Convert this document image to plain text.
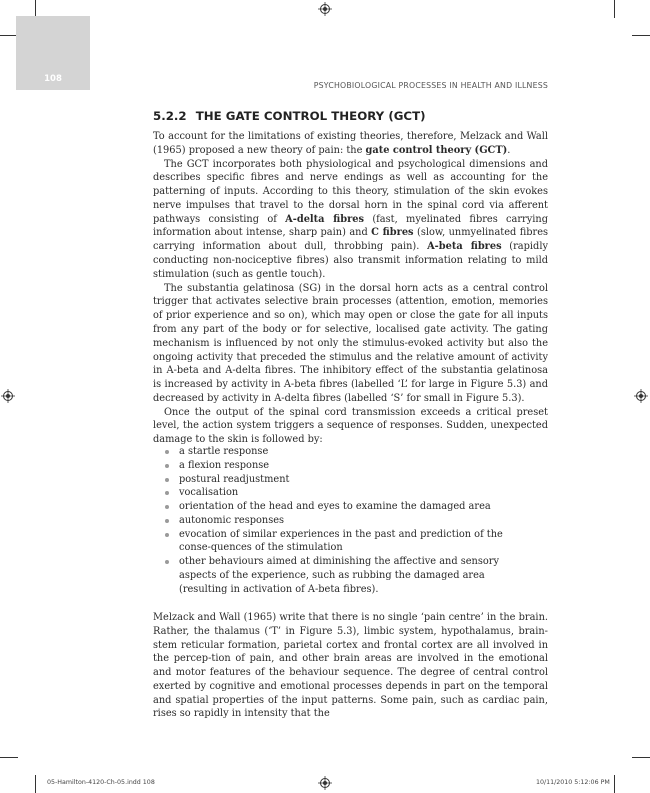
108
PSYCHOBIOLOGICAL PROCESSES IN HEALTH AND ILLNESS
5.2.2 THE GATE CONTROL THEORY (GCT)

To account for the limitations of existing theories, therefore, Melzack and Wall (1965) proposed a new theory of pain: the gate control theory (GCT).

The GCT incorporates both physiological and psychological dimensions and describes specific fibres and nerve endings as well as accounting for the patterning of inputs. According to this theory, stimulation of the skin evokes nerve impulses that travel to the dorsal horn in the spinal cord via afferent pathways consisting of A-delta fibres (fast, myelinated fibres carrying information about intense, sharp pain) and C fibres (slow, unmyelinated fibres carrying information about dull, throbbing pain). A-beta fibres (rapidly conducting non-nociceptive fibres) also transmit information relating to mild stimulation (such as gentle touch).

The substantia gelatinosa (SG) in the dorsal horn acts as a central control trigger that activates selective brain processes (attention, emotion, memories of prior experience and so on), which may open or close the gate for all inputs from any part of the body or for selective, localised gate activity. The gating mechanism is influenced by not only the stimulus-evoked activity but also the ongoing activity that preceded the stimulus and the relative amount of activity in A-beta and A-delta fibres. The inhibitory effect of the substantia gelatinosa is increased by activity in A-beta fibres (labelled ‘L’ for large in Figure 5.3) and decreased by activity in A-delta fibres (labelled ‘S’ for small in Figure 5.3).

Once the output of the spinal cord transmission exceeds a critical preset level, the action system triggers a sequence of responses. Sudden, unexpected damage to the skin is followed by:

a startle response
a flexion response
postural readjustment
vocalisation
orientation of the head and eyes to examine the damaged area
autonomic responses
evocation of similar experiences in the past and prediction of the conse-quences of the stimulation
other behaviours aimed at diminishing the affective and sensory aspects of the experience, such as rubbing the damaged area (resulting in activation of A-beta fibres).

Melzack and Wall (1965) write that there is no single ‘pain centre’ in the brain. Rather, the thalamus (‘T’ in Figure 5.3), limbic system, hypothalamus, brain-stem reticular formation, parietal cortex and frontal cortex are all involved in the percep-tion of pain, and other brain areas are involved in the emotional and motor features of the behaviour sequence. The degree of central control exerted by cognitive and emotional processes depends in part on the temporal and spatial properties of the input patterns. Some pain, such as cardiac pain, rises so rapidly in intensity that the

05-Hamilton-4120-Ch-05.indd 108	10/11/2010 5:12:06 PM
